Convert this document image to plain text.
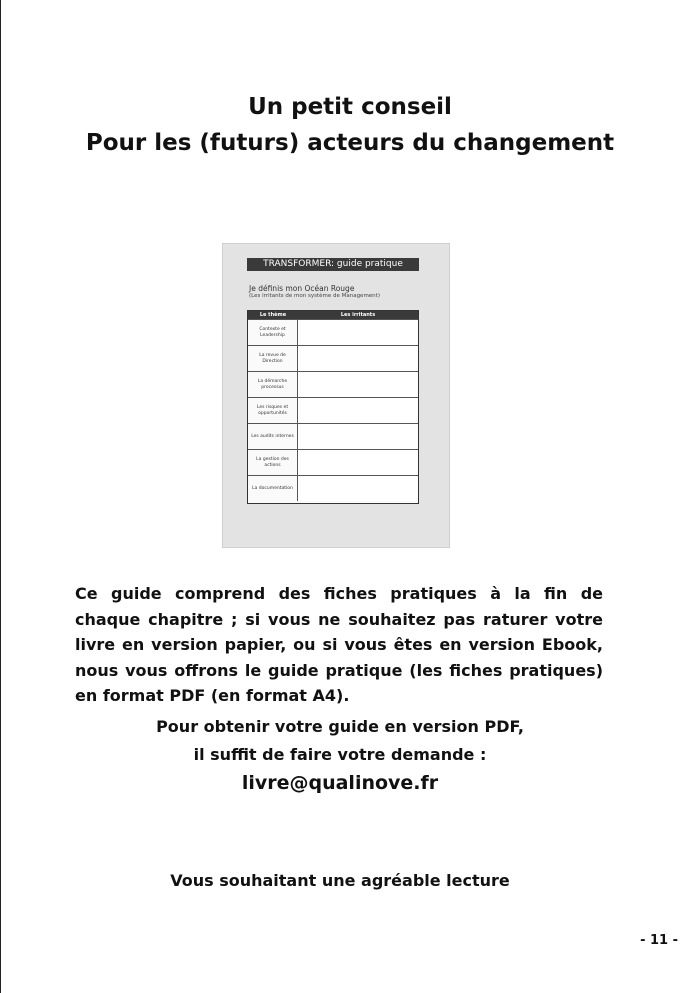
Un petit conseil
Pour les (futurs) acteurs du changement
TRANSFORMER: guide pratique
Je définis mon Océan Rouge
(Les irritants de mon système de Management)
Le thème	Les irritants
Contexte et Leadership
La revue de Direction
La démarche processus
Les risques et opportunités
Les audits internes
La gestion des actions
La documentation

Ce guide comprend des fiches pratiques à la fin de chaque chapitre ; si vous ne souhaitez pas raturer votre livre en version papier, ou si vous êtes en version Ebook, nous vous offrons le guide pratique (les fiches pratiques) en format PDF (en format A4).

Pour obtenir votre guide en version PDF,

il suffit de faire votre demande :

livre@qualinove.fr

Vous souhaitant une agréable lecture

- 11 -
